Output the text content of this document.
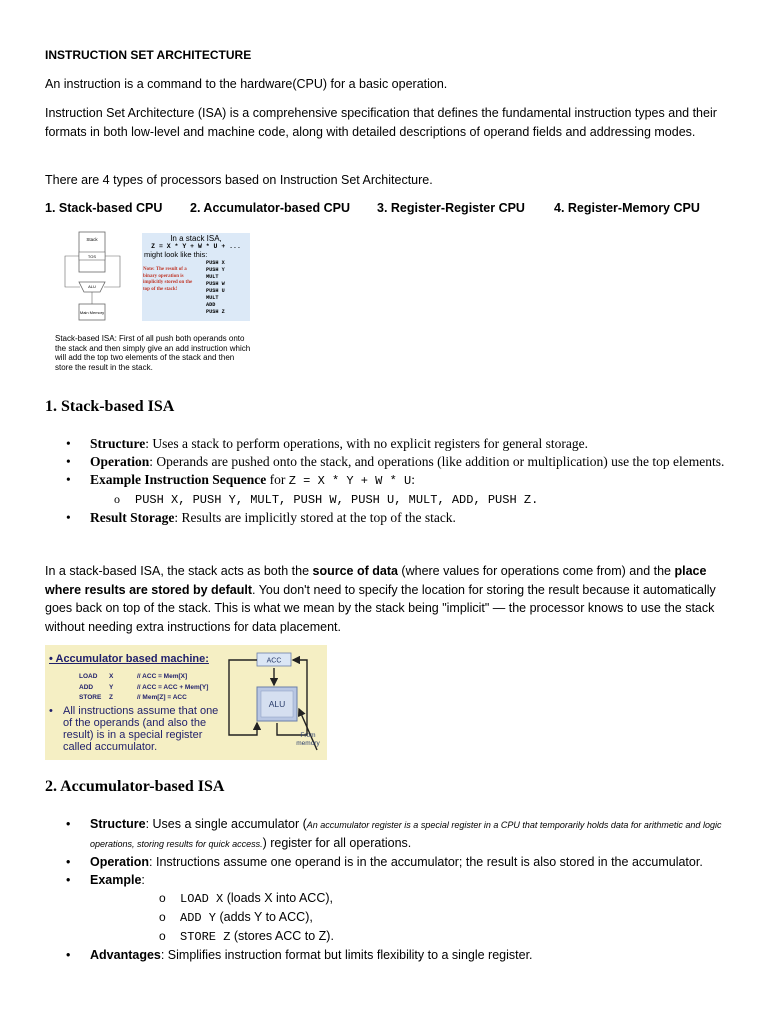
INSTRUCTION SET ARCHITECTURE
An instruction is a command to the hardware(CPU) for a basic operation.
Instruction Set Architecture (ISA) is a comprehensive specification that defines the fundamental instruction types and their formats in both low-level and machine code, along with detailed descriptions of operand fields and addressing modes.
There are 4 types of processors based on Instruction Set Architecture.
1. Stack-based CPU 2. Accumulator-based CPU 3. Register-Register CPU 4. Register-Memory CPU
Stack
TOS
ALU
Main Memory
In a stack ISA,
Z = X * Y + W * U + ...
might look like this:
Note: The result of a binary operation is implicitly stored on the top of the stack!
PUSH X
PUSH Y
MULT
PUSH W
PUSH U
MULT
ADD
PUSH Z
Stack-based ISA: First of all push both operands onto the stack and then simply give an add instruction which will add the top two elements of the stack and then store the result in the stack.
1. Stack-based ISA
• Structure: Uses a stack to perform operations, with no explicit registers for general storage.
• Operation: Operands are pushed onto the stack, and operations (like addition or multiplication) use the top elements.
• Example Instruction Sequence for Z = X * Y + W * U:
o PUSH X, PUSH Y, MULT, PUSH W, PUSH U, MULT, ADD, PUSH Z.
• Result Storage: Results are implicitly stored at the top of the stack.
In a stack-based ISA, the stack acts as both the source of data (where values for operations come from) and the place where results are stored by default. You don't need to specify the location for storing the result because it automatically goes back on top of the stack. This is what we mean by the stack being "implicit" — the processor knows to use the stack without needing extra instructions for data placement.
• Accumulator based machine:
LOAD X	// ACC = Mem[X]
ADD Y	// ACC = ACC + Mem[Y]
STORE Z	// Mem[Z] = ACC
• All instructions assume that one of the operands (and also the result) is in a special register called accumulator.
ACC
ALU
From memory
2. Accumulator-based ISA
• Structure: Uses a single accumulator (An accumulator register is a special register in a CPU that temporarily holds data for arithmetic and logic operations, storing results for quick access.) register for all operations.
• Operation: Instructions assume one operand is in the accumulator; the result is also stored in the accumulator.
• Example:
o LOAD X (loads X into ACC),
o ADD Y (adds Y to ACC),
o STORE Z (stores ACC to Z).
• Advantages: Simplifies instruction format but limits flexibility to a single register.
